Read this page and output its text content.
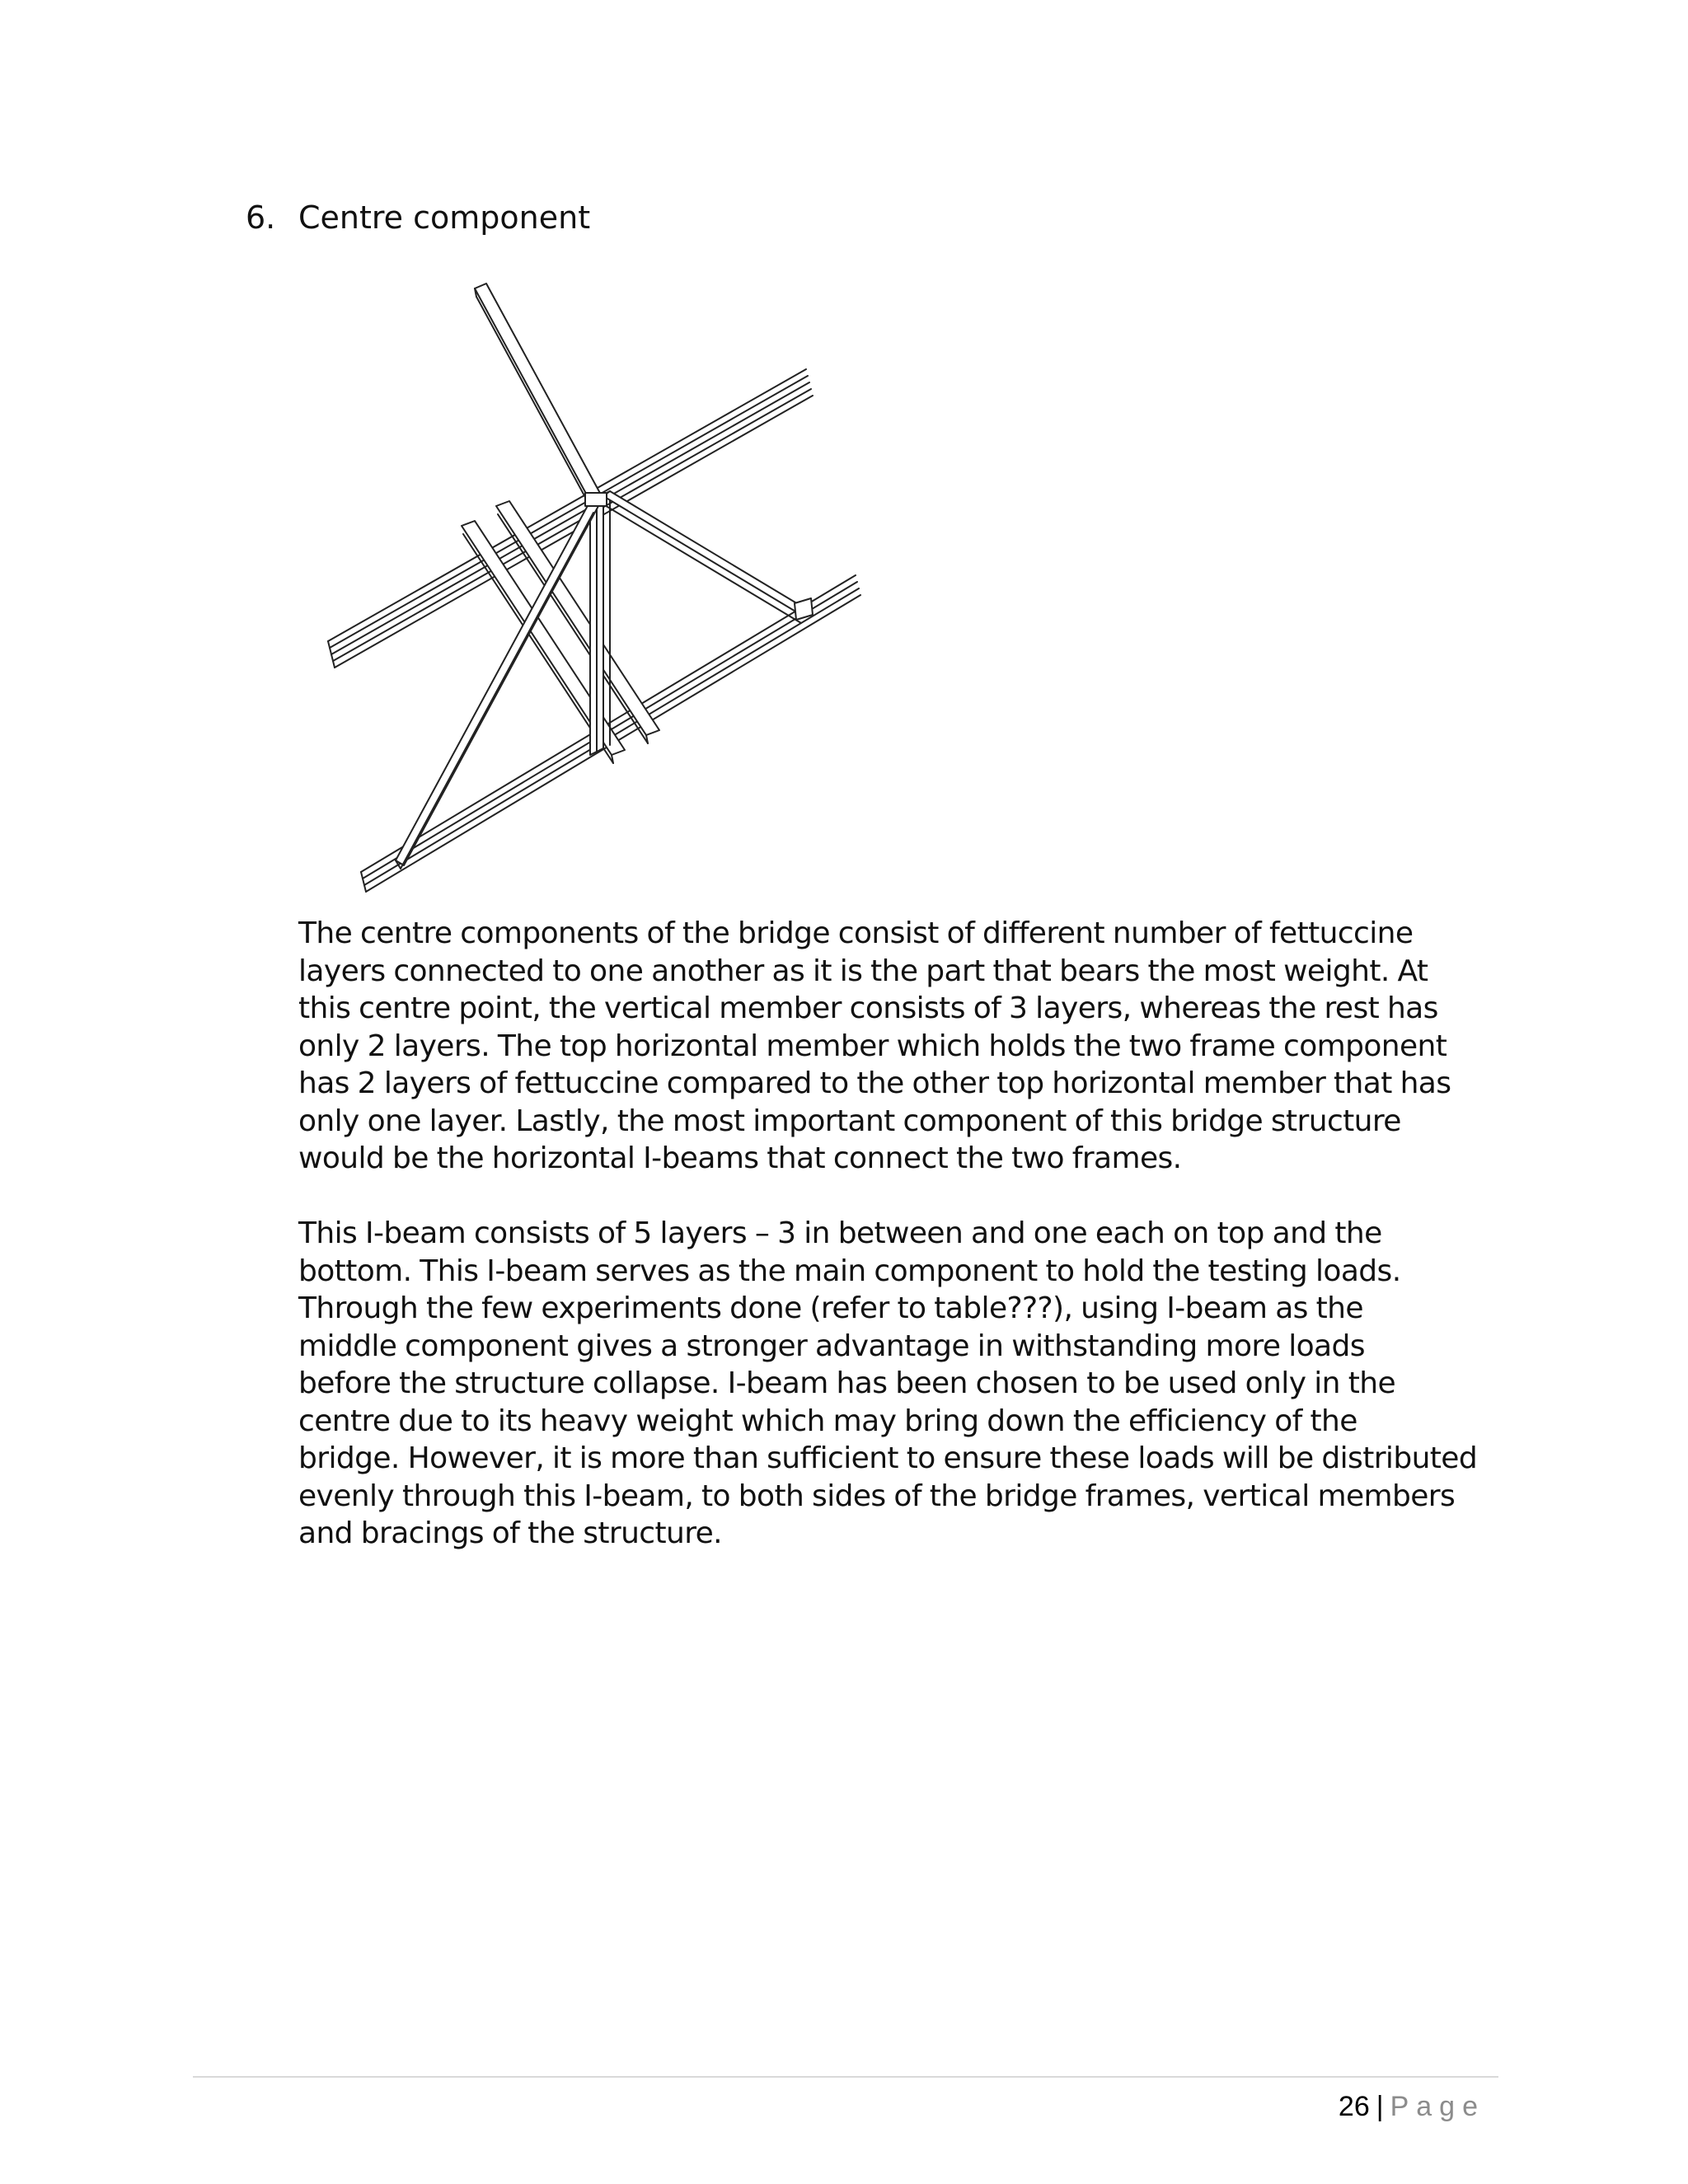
6. Centre component

The centre components of the bridge consist of different number of fettuccine
layers connected to one another as it is the part that bears the most weight. At
this centre point, the vertical member consists of 3 layers, whereas the rest has
only 2 layers. The top horizontal member which holds the two frame component
has 2 layers of fettuccine compared to the other top horizontal member that has
only one layer. Lastly, the most important component of this bridge structure
would be the horizontal I-beams that connect the two frames.

This I-beam consists of 5 layers – 3 in between and one each on top and the
bottom. This I-beam serves as the main component to hold the testing loads.
Through the few experiments done (refer to table???), using I-beam as the
middle component gives a stronger advantage in withstanding more loads
before the structure collapse. I-beam has been chosen to be used only in the
centre due to its heavy weight which may bring down the efficiency of the
bridge. However, it is more than sufficient to ensure these loads will be distributed
evenly through this I-beam, to both sides of the bridge frames, vertical members
and bracings of the structure.

26 | Page
